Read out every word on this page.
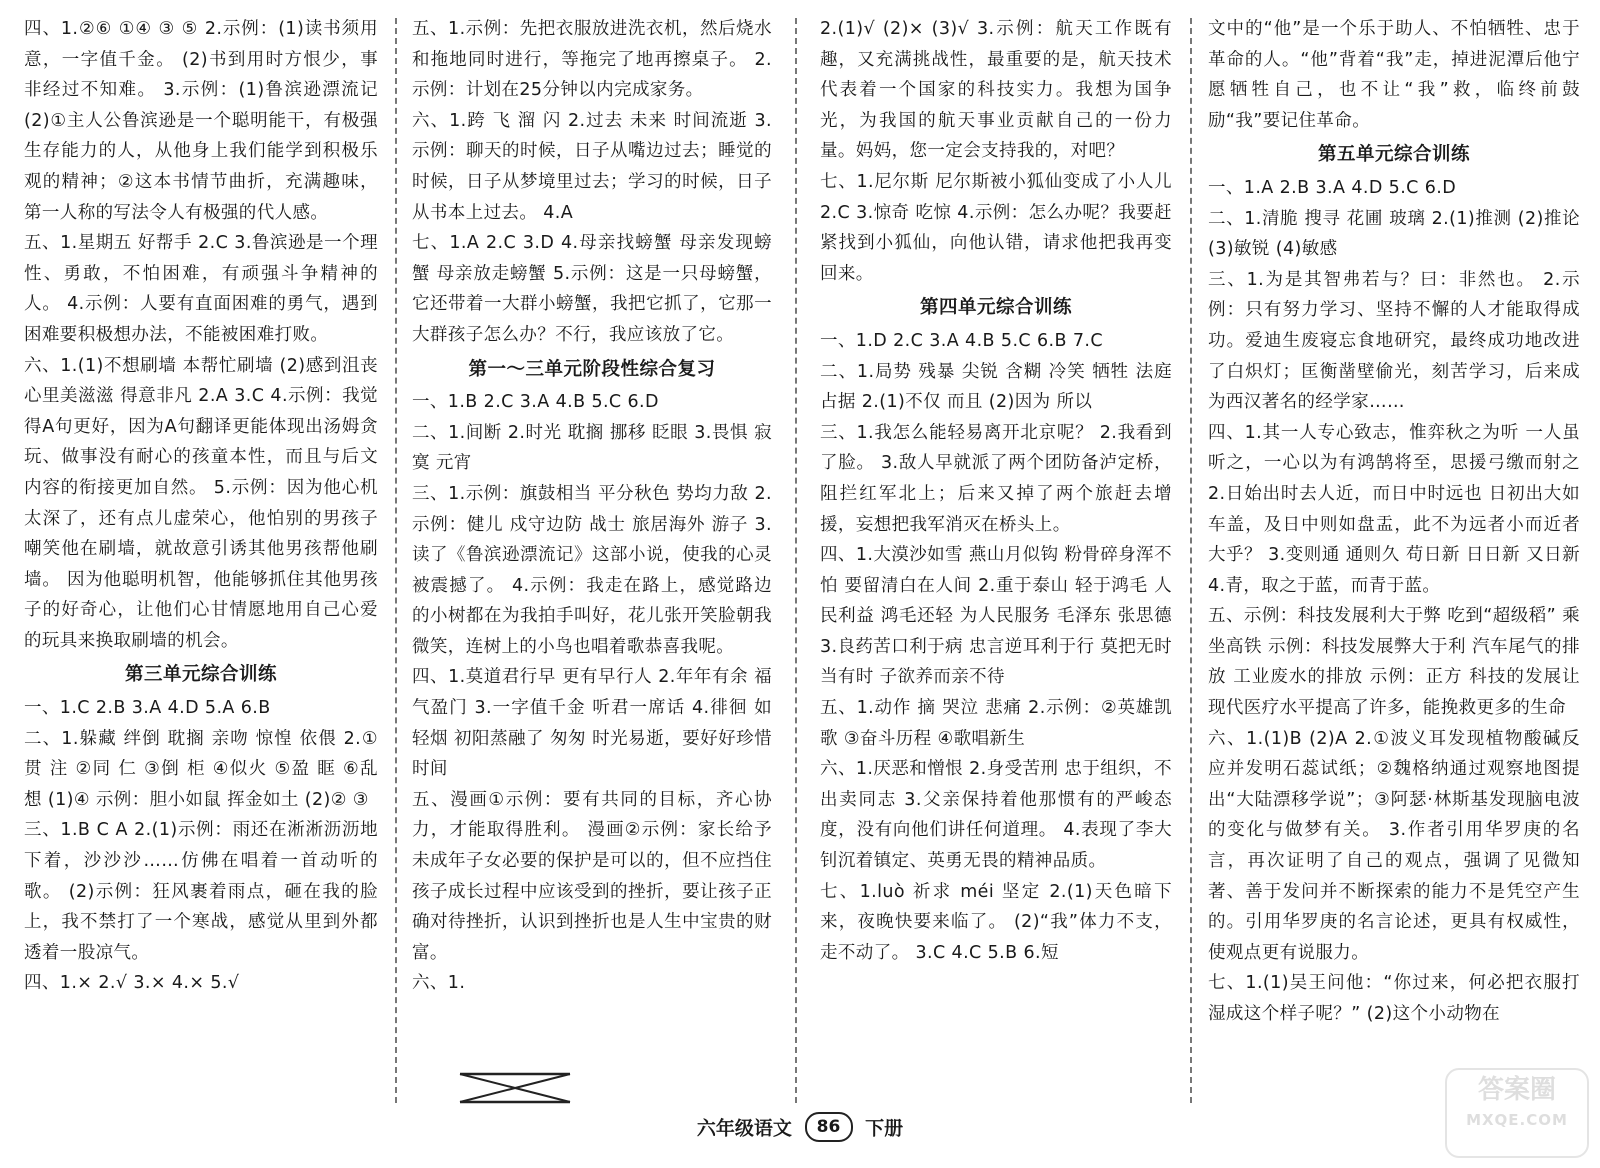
四、1.②⑥ ①④ ③ ⑤ 2.示例：(1)读书须用意，一字值千金。 (2)书到用时方恨少，事非经过不知难。 3.示例：(1)鲁滨逊漂流记 (2)①主人公鲁滨逊是一个聪明能干，有极强生存能力的人，从他身上我们能学到积极乐观的精神；②这本书情节曲折，充满趣味，第一人称的写法令人有极强的代人感。

五、1.星期五 好帮手 2.C 3.鲁滨逊是一个理性、勇敢，不怕困难，有顽强斗争精神的人。 4.示例：人要有直面困难的勇气，遇到困难要积极想办法，不能被困难打败。

六、1.(1)不想刷墙 本帮忙刷墙 (2)感到沮丧 心里美滋滋 得意非凡 2.A 3.C 4.示例：我觉得A句更好，因为A句翻译更能体现出汤姆贪玩、做事没有耐心的孩童本性，而且与后文内容的衔接更加自然。 5.示例：因为他心机太深了，还有点儿虚荣心，他怕别的男孩子嘲笑他在刷墙，就故意引诱其他男孩帮他刷墙。 因为他聪明机智，他能够抓住其他男孩子的好奇心，让他们心甘情愿地用自己心爱的玩具来换取刷墙的机会。

第三单元综合训练

一、1.C 2.B 3.A 4.D 5.A 6.B

二、1.躲藏 绊倒 耽搁 亲吻 惊惶 依偎 2.①贯 注 ②同 仁 ③倒 柜 ④似火 ⑤盈 眶 ⑥乱 想 (1)④ 示例：胆小如鼠 挥金如土 (2)② ③

三、1.B C A 2.(1)示例：雨还在淅淅沥沥地下着，沙沙沙……仿佛在唱着一首动听的歌。 (2)示例：狂风裹着雨点，砸在我的脸上，我不禁打了一个寒战，感觉从里到外都透着一股凉气。

四、1.× 2.√ 3.× 4.× 5.√

五、1.示例：先把衣服放进洗衣机，然后烧水和拖地同时进行，等拖完了地再擦桌子。 2.示例：计划在25分钟以内完成家务。

六、1.跨 飞 溜 闪 2.过去 未来 时间流逝 3.示例：聊天的时候，日子从嘴边过去；睡觉的时候，日子从梦境里过去；学习的时候，日子从书本上过去。 4.A

七、1.A 2.C 3.D 4.母亲找螃蟹 母亲发现螃蟹 母亲放走螃蟹 5.示例：这是一只母螃蟹，它还带着一大群小螃蟹，我把它抓了，它那一大群孩子怎么办？不行，我应该放了它。

第一～三单元阶段性综合复习

一、1.B 2.C 3.A 4.B 5.C 6.D

二、1.间断 2.时光 耽搁 挪移 眨眼 3.畏惧 寂寞 元宵

三、1.示例：旗鼓相当 平分秋色 势均力敌 2.示例：健儿 戍守边防 战士 旅居海外 游子 3.读了《鲁滨逊漂流记》这部小说，使我的心灵被震撼了。 4.示例：我走在路上，感觉路边的小树都在为我拍手叫好，花儿张开笑脸朝我微笑，连树上的小鸟也唱着歌恭喜我呢。

四、1.莫道君行早 更有早行人 2.年年有余 福气盈门 3.一字值千金 听君一席话 4.徘徊 如轻烟 初阳蒸融了 匆匆 时光易逝，要好好珍惜时间

五、漫画①示例：要有共同的目标，齐心协力，才能取得胜利。 漫画②示例：家长给予未成年子女必要的保护是可以的，但不应挡住孩子成长过程中应该受到的挫折，要让孩子正确对待挫折，认识到挫折也是人生中宝贵的财富。

六、1.

2.(1)√ (2)× (3)√ 3.示例：航天工作既有趣，又充满挑战性，最重要的是，航天技术代表着一个国家的科技实力。我想为国争光，为我国的航天事业贡献自己的一份力量。妈妈，您一定会支持我的，对吧？

七、1.尼尔斯 尼尔斯被小狐仙变成了小人儿 2.C 3.惊奇 吃惊 4.示例：怎么办呢？我要赶紧找到小狐仙，向他认错，请求他把我再变回来。

第四单元综合训练

一、1.D 2.C 3.A 4.B 5.C 6.B 7.C

二、1.局势 残暴 尖锐 含糊 冷笑 牺牲 法庭 占据 2.(1)不仅 而且 (2)因为 所以

三、1.我怎么能轻易离开北京呢？ 2.我看到了脸。 3.敌人早就派了两个团防备泸定桥，阻拦红军北上；后来又掉了两个旅赶去增援，妄想把我军消灭在桥头上。

四、1.大漠沙如雪 燕山月似钩 粉骨碎身浑不怕 要留清白在人间 2.重于泰山 轻于鸿毛 人民利益 鸿毛还轻 为人民服务 毛泽东 张思德 3.良药苦口利于病 忠言逆耳利于行 莫把无时当有时 子欲养而亲不待

五、1.动作 摘 哭泣 悲痛 2.示例：②英雄凯歌 ③奋斗历程 ④歌唱新生

六、1.厌恶和憎恨 2.身受苦刑 忠于组织，不出卖同志 3.父亲保持着他那惯有的严峻态度，没有向他们讲任何道理。 4.表现了李大钊沉着镇定、英勇无畏的精神品质。

七、1.luò 祈求 méi 坚定 2.(1)天色暗下来，夜晚快要来临了。 (2)“我”体力不支，走不动了。 3.C 4.C 5.B 6.短

文中的“他”是一个乐于助人、不怕牺牲、忠于革命的人。“他”背着“我”走，掉进泥潭后他宁愿牺牲自己，也不让“我”救，临终前鼓励“我”要记住革命。

第五单元综合训练

一、1.A 2.B 3.A 4.D 5.C 6.D

二、1.清脆 搜寻 花圃 玻璃 2.(1)推测 (2)推论 (3)敏锐 (4)敏感

三、1.为是其智弗若与？曰：非然也。 2.示例：只有努力学习、坚持不懈的人才能取得成功。爱迪生废寝忘食地研究，最终成功地改进了白炽灯；匡衡凿壁偷光，刻苦学习，后来成为西汉著名的经学家……

四、1.其一人专心致志，惟弈秋之为听 一人虽听之，一心以为有鸿鹄将至，思援弓缴而射之 2.日始出时去人近，而日中时远也 日初出大如车盖，及日中则如盘盂，此不为远者小而近者大乎？ 3.变则通 通则久 苟日新 日日新 又日新 4.青，取之于蓝，而青于蓝。

五、示例：科技发展利大于弊 吃到“超级稻” 乘坐高铁 示例：科技发展弊大于利 汽车尾气的排放 工业废水的排放 示例：正方 科技的发展让现代医疗水平提高了许多，能挽救更多的生命

六、1.(1)B (2)A 2.①波义耳发现植物酸碱反应并发明石蕊试纸；②魏格纳通过观察地图提出“大陆漂移学说”；③阿瑟·林斯基发现脑电波的变化与做梦有关。 3.作者引用华罗庚的名言，再次证明了自己的观点，强调了见微知著、善于发问并不断探索的能力不是凭空产生的。引用华罗庚的名言论述，更具有权威性，使观点更有说服力。

七、1.(1)吴王问他：“你过来，何必把衣服打湿成这个样子呢？” (2)这个小动物在

答案圈
MXQE.COM
六年级语文 86 下册
